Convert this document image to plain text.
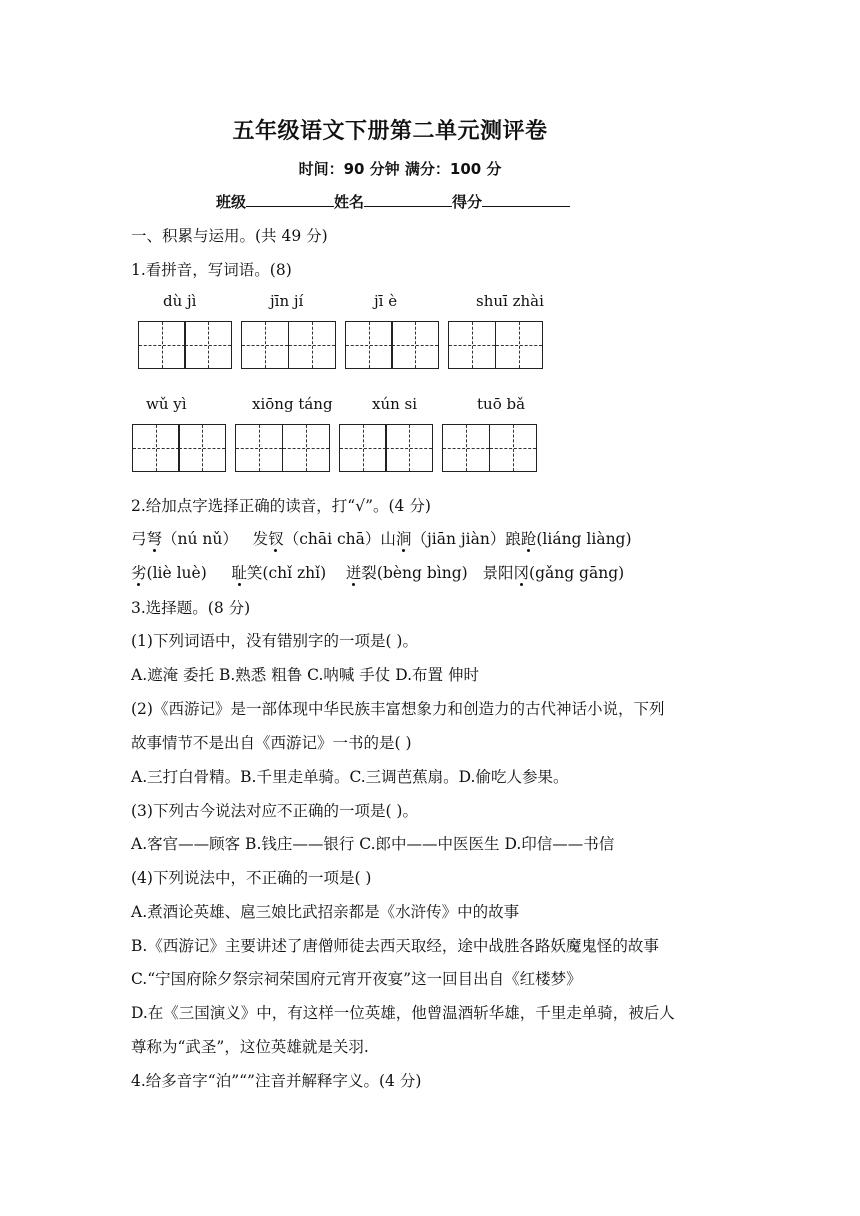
五年级语文下册第二单元测评卷
时间：90 分钟 满分：100 分
班级	姓名	得分
一、积累与运用。(共 49 分)
1.看拼音，写词语。(8)
dù jì	jīn jí	jī è	shuī zhài
wǔ yì	xiōng táng	xún si	tuō bǎ
2.给加点字选择正确的读音，打“√”。(4 分)
弓弩（nú nǔ） 发钗（chāi chā）山涧（jiān jiàn）踉跄(liáng liàng)
劣(liè luè) 耻笑(chǐ zhǐ) 迸裂(bèng bìng) 景阳冈(gǎng gāng)
3.选择题。(8 分)
(1)下列词语中，没有错别字的一项是( )。
A.遮淹 委托 B.熟悉 粗鲁 C.呐喊 手仗 D.布置 伸时
(2)《西游记》是一部体现中华民族丰富想象力和创造力的古代神话小说，下列
故事情节不是出自《西游记》一书的是( )
A.三打白骨精。B.千里走单骑。C.三调芭蕉扇。D.偷吃人参果。
(3)下列古今说法对应不正确的一项是( )。
A.客官——顾客 B.钱庄——银行 C.郎中——中医医生 D.印信——书信
(4)下列说法中，不正确的一项是( )
A.煮酒论英雄、扈三娘比武招亲都是《水浒传》中的故事
B.《西游记》主要讲述了唐僧师徒去西天取经，途中战胜各路妖魔鬼怪的故事
C.“宁国府除夕祭宗祠荣国府元宵开夜宴”这一回目出自《红楼梦》
D.在《三国演义》中，有这样一位英雄，他曾温酒斩华雄，千里走单骑，被后人
尊称为“武圣”，这位英雄就是关羽.
4.给多音字“泊”“”注音并解释字义。(4 分)
